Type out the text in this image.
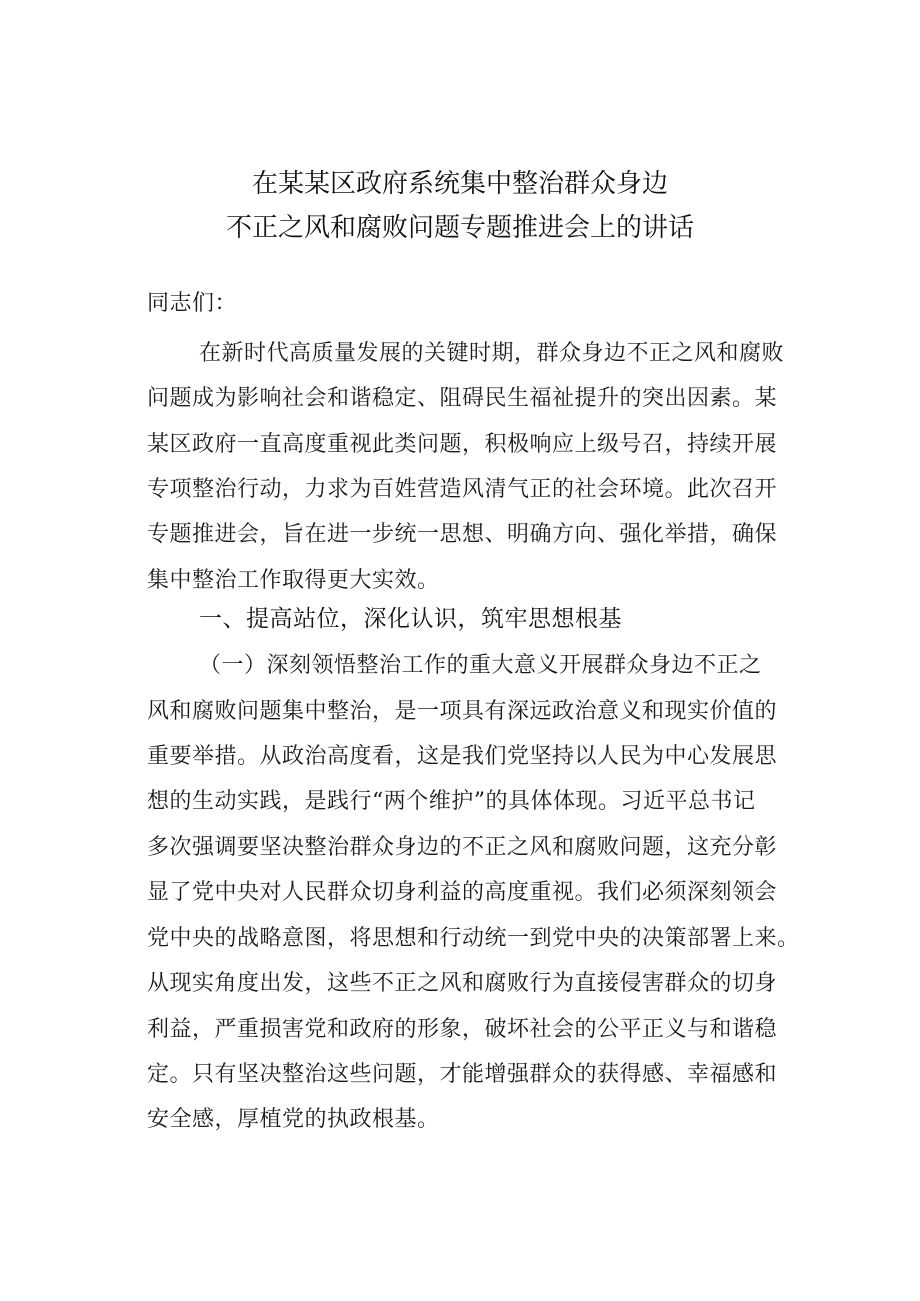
在某某区政府系统集中整治群众身边
不正之风和腐败问题专题推进会上的讲话
同志们：
在新时代高质量发展的关键时期，群众身边不正之风和腐败
问题成为影响社会和谐稳定、阻碍民生福祉提升的突出因素。某
某区政府一直高度重视此类问题，积极响应上级号召，持续开展
专项整治行动，力求为百姓营造风清气正的社会环境。此次召开
专题推进会，旨在进一步统一思想、明确方向、强化举措，确保
集中整治工作取得更大实效。
一、提高站位，深化认识，筑牢思想根基
（一）深刻领悟整治工作的重大意义开展群众身边不正之
风和腐败问题集中整治，是一项具有深远政治意义和现实价值的
重要举措。从政治高度看，这是我们党坚持以人民为中心发展思
想的生动实践，是践行“两个维护”的具体体现。习近平总书记
多次强调要坚决整治群众身边的不正之风和腐败问题，这充分彰
显了党中央对人民群众切身利益的高度重视。我们必须深刻领会
党中央的战略意图，将思想和行动统一到党中央的决策部署上来。
从现实角度出发，这些不正之风和腐败行为直接侵害群众的切身
利益，严重损害党和政府的形象，破坏社会的公平正义与和谐稳
定。只有坚决整治这些问题，才能增强群众的获得感、幸福感和
安全感，厚植党的执政根基。
